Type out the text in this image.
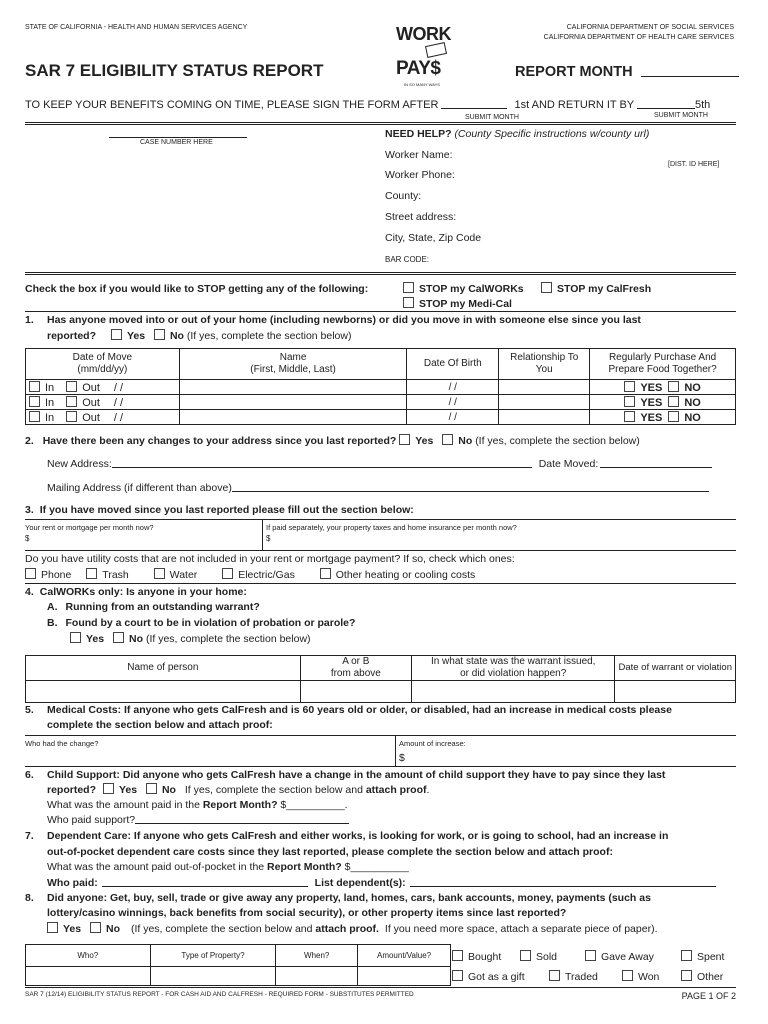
STATE OF CALIFORNIA - HEALTH AND HUMAN SERVICES AGENCY	CALIFORNIA DEPARTMENT OF SOCIAL SERVICES
CALIFORNIA DEPARTMENT OF HEALTH CARE SERVICES
WORK
PAY$
IN SO MANY WAYS
SAR 7 ELIGIBILITY STATUS REPORT	REPORT MONTH
TO KEEP YOUR BENEFITS COMING ON TIME, PLEASE SIGN THE FORM AFTER	1st AND RETURN IT BY	5th
SUBMIT MONTH	SUBMIT MONTH
CASE NUMBER HERE
NEED HELP? (County Specific instructions w/county url)
Worker Name:
Worker Phone:
County:
Street address:
City, State, Zip Code
[DIST. ID HERE]
BAR CODE:
Check the box if you would like to STOP getting any of the following:	STOP my CalWORKs	STOP my CalFresh
STOP my Medi-Cal
1. Has anyone moved into or out of your home (including newborns) or did you move in with someone else since you last
reported?	Yes No (If yes, complete the section below)
Date of Move
(mm/dd/yy)	Name
(First, Middle, Last)	Date Of Birth	Relationship To
You	Regularly Purchase And
Prepare Food Together?
In Out / /		/ /		YES NO
In Out / /		/ /		YES NO
In Out / /		/ /		YES NO
2. Have there been any changes to your address since you last reported? Yes No (If yes, complete the section below)
New Address:	Date Moved:
Mailing Address (if different than above)
3. If you have moved since you last reported please fill out the section below:
Your rent or mortgage per month now?
$
If paid separately, your property taxes and home insurance per month now?
$
Do you have utility costs that are not included in your rent or mortgage payment? If so, check which ones:
Phone	Trash	Water	Electric/Gas	Other heating or cooling costs
4. CalWORKs only: Is anyone in your home:
A. Running from an outstanding warrant?
B. Found by a court to be in violation of probation or parole?
Yes No (If yes, complete the section below)
Name of person	A or B
from above	In what state was the warrant issued,
or did violation happen?	Date of warrant or violation

5. Medical Costs: If anyone who gets CalFresh and is 60 years old or older, or disabled, had an increase in medical costs please
complete the section below and attach proof:
Who had the change?	Amount of increase:
$
6. Child Support: Did anyone who gets CalFresh have a change in the amount of child support they have to pay since they last
reported? Yes No If yes, complete the section below and attach proof.
What was the amount paid in the Report Month? $__________.
Who paid support?
7. Dependent Care: If anyone who gets CalFresh and either works, is looking for work, or is going to school, had an increase in
out-of-pocket dependent care costs since they last reported, please complete the section below and attach proof:
What was the amount paid out-of-pocket in the Report Month? $__________
Who paid:	List dependent(s):
8. Did anyone: Get, buy, sell, trade or give away any property, land, homes, cars, bank accounts, money, payments (such as
lottery/casino winnings, back benefits from social security), or other property items since last reported?
Yes No (If yes, complete the section below and attach proof. If you need more space, attach a separate piece of paper).
Who?	Type of Property?	When?	Amount/Value?
				Bought	Sold	Gave Away	Spent
Got as a gift	Traded	Won	Other
SAR 7 (12/14) ELIGIBILITY STATUS REPORT - FOR CASH AID AND CALFRESH - REQUIRED FORM - SUBSTITUTES PERMITTED	PAGE 1 OF 2
